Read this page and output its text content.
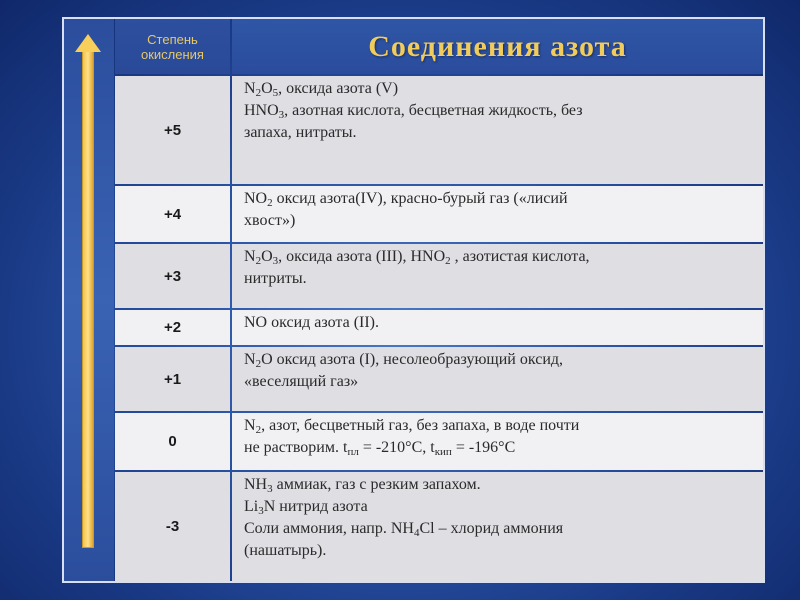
Степень окисления	Соединения азота
+5
$N_2O_5$, оксида азота (V)
$HNO_3$, азотная кислота, бесцветная жидкость, без
запаха, нитраты.
+4
$NO_2$ оксид азота(IV), красно-бурый газ («лисий
хвост»)
+3
$N_2O_3$, оксида азота (III), $HNO_2$ , азотистая кислота,
нитриты.
+2	NO оксид азота (II).
+1
$N_2O$ оксид азота (I), несолеобразующий оксид,
«веселящий газ»
0
$N_2$, азот, бесцветный газ, без запаха, в воде почти
не растворим. $t_{пл} = -210^\circ С$, $t_{кип} = -196^\circ С$
-3
$NH_3$ аммиак, газ с резким запахом.
$Li_3N$ нитрид азота
Соли аммония, напр. $NH_4Cl$ – хлорид аммония
(нашатырь).
